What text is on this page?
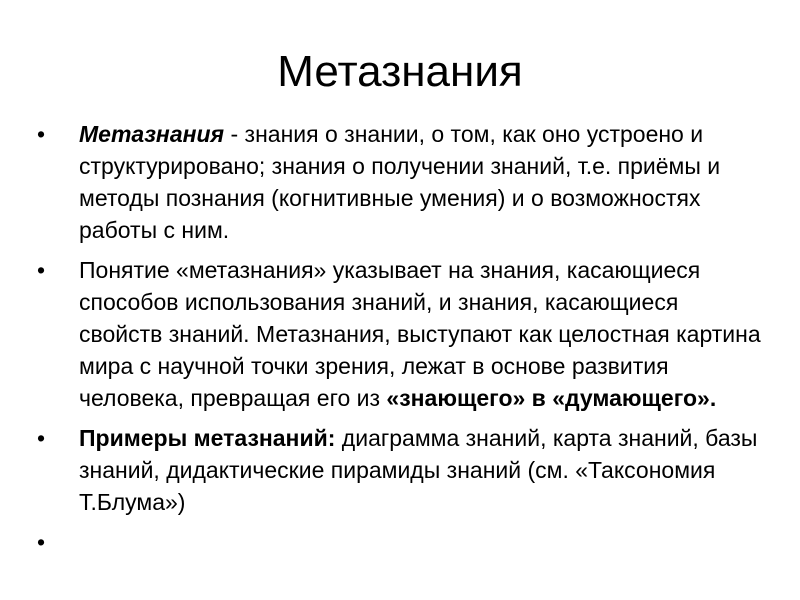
Метазнания
• Метазнания - знания о знании, о том, как оно устроено и структурировано; знания о получении знаний, т.е. приёмы и методы познания (когнитивные умения) и о возможностях работы с ним.
• Понятие «метазнания» указывает на знания, касающиеся способов использования знаний, и знания, касающиеся свойств знаний. Метазнания, выступают как целостная картина мира с научной точки зрения, лежат в основе развития человека, превращая его из «знающего» в «думающего».
• Примеры метазнаний: диаграмма знаний, карта знаний, базы знаний, дидактические пирамиды знаний (см. «Таксономия Т.Блума»)
•
